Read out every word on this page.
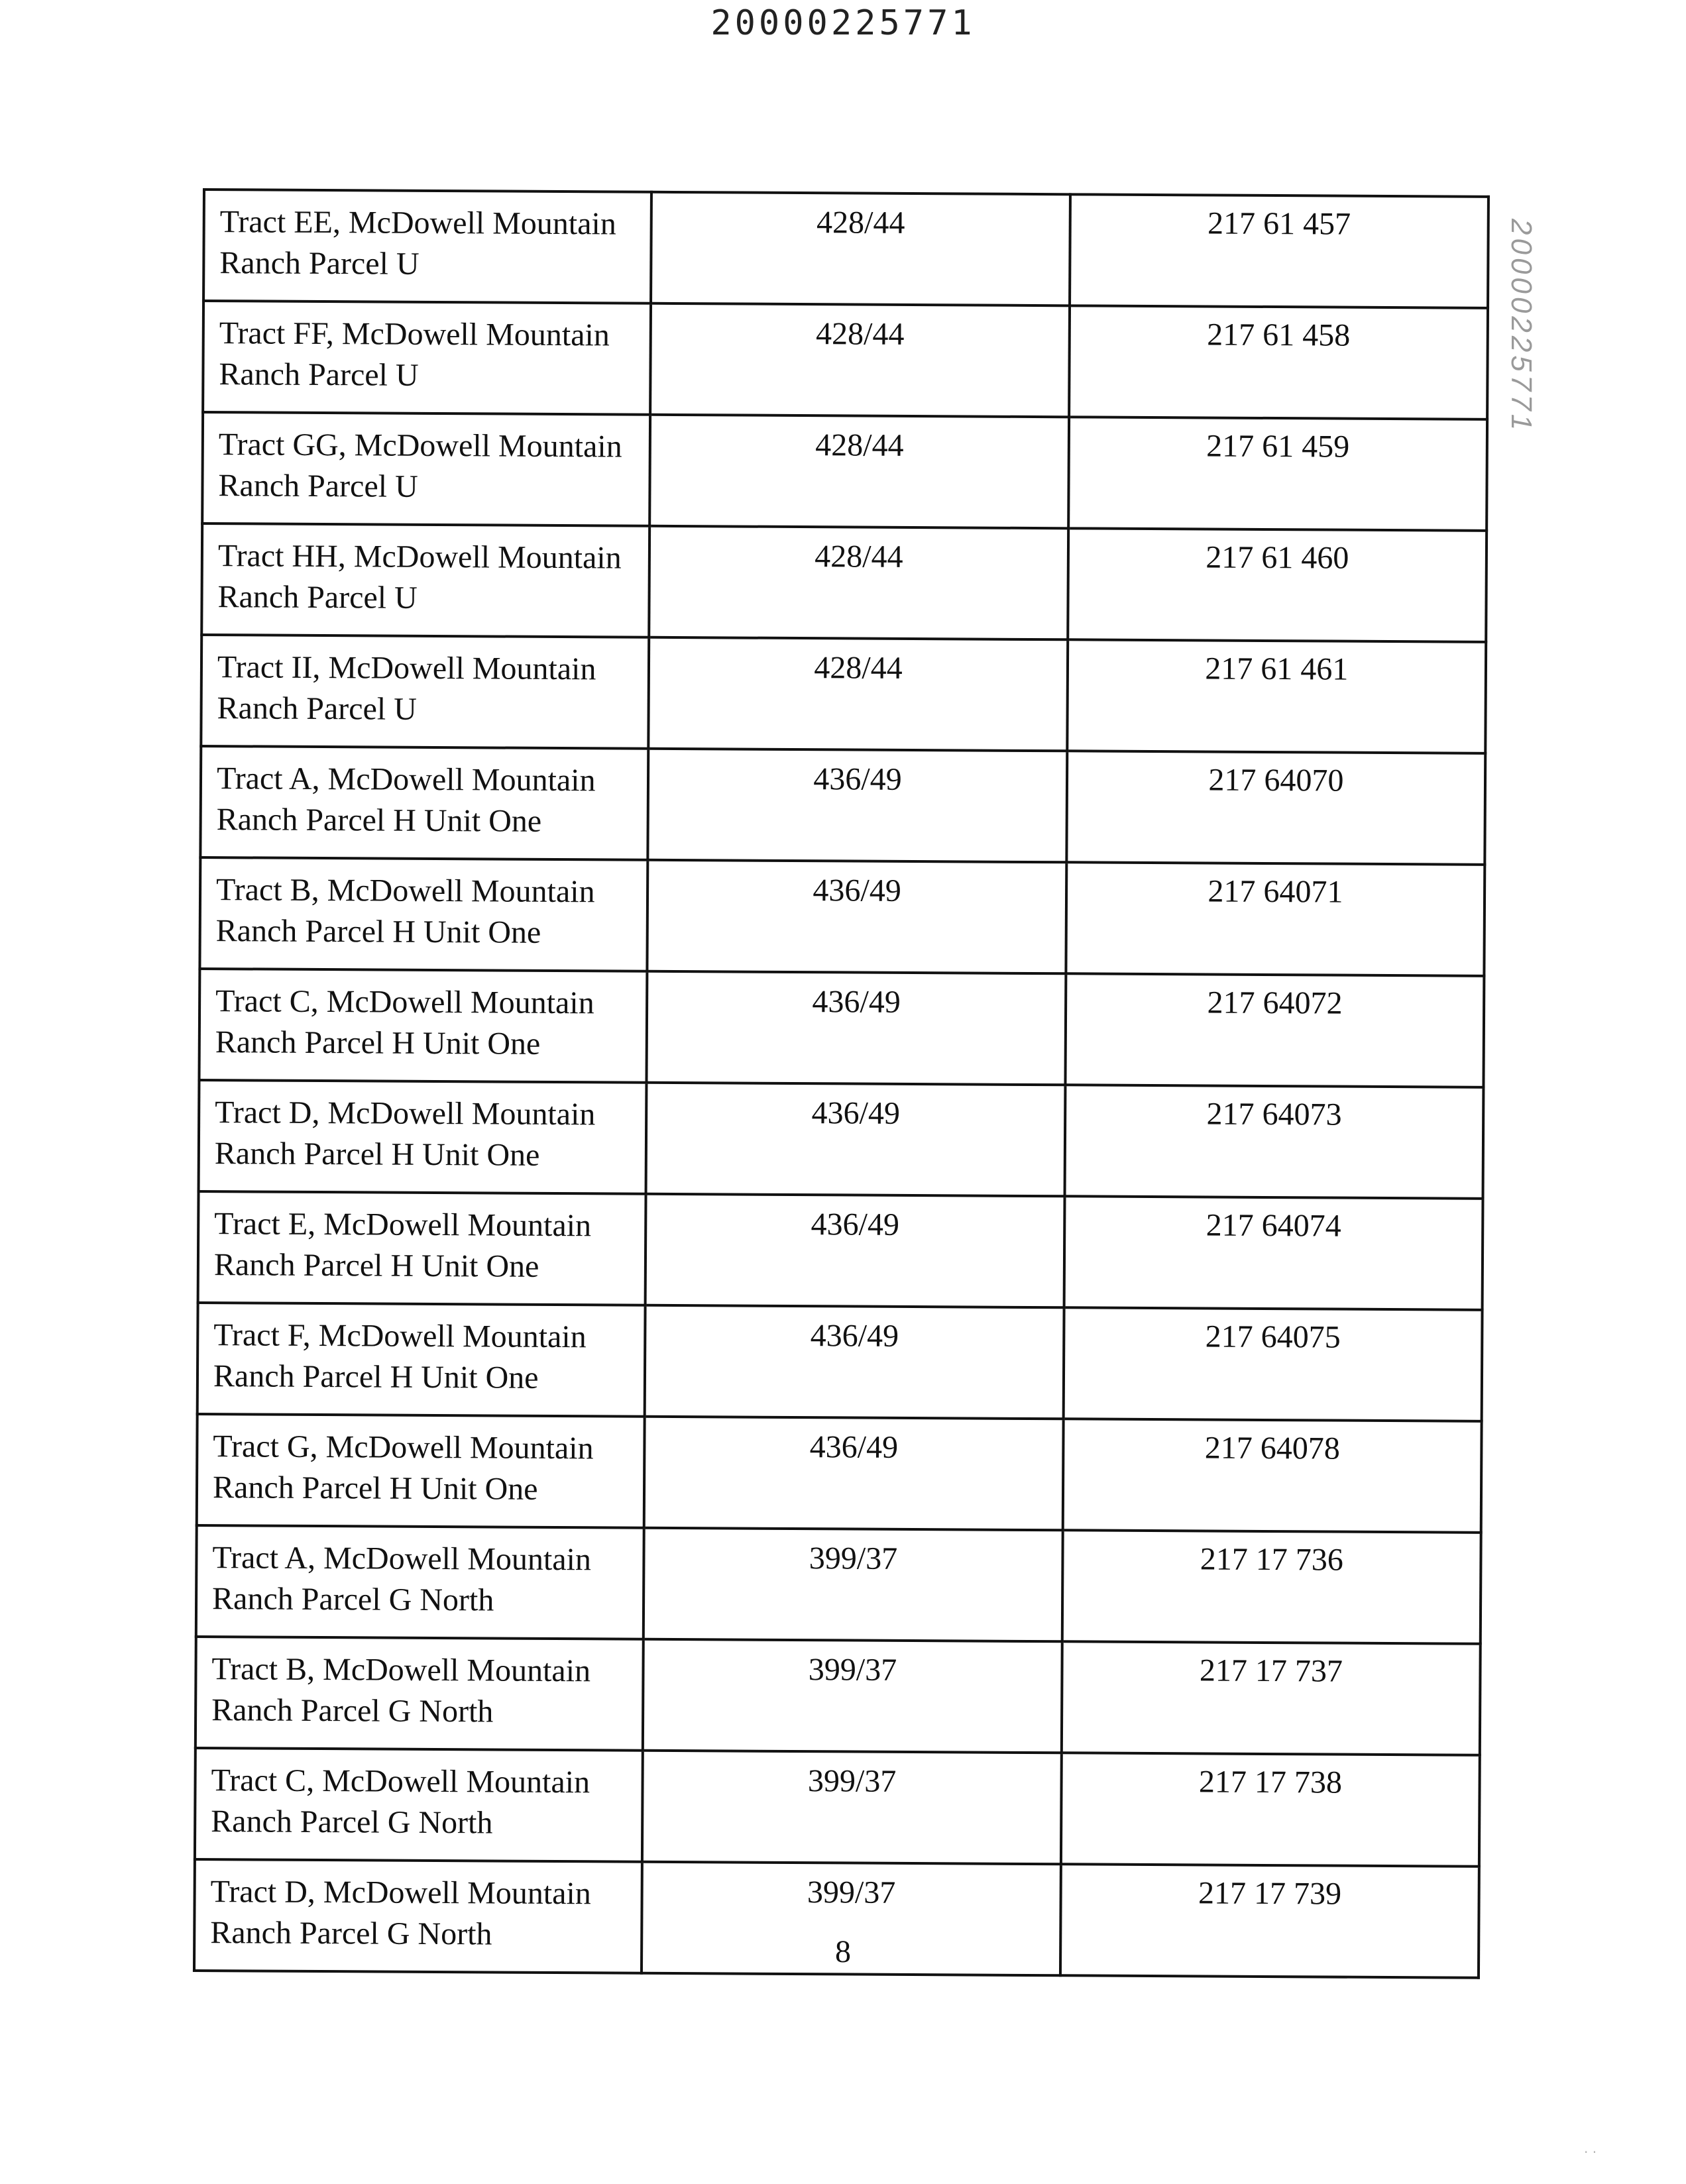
20000225771
20000225771
Tract EE, McDowell Mountain Ranch Parcel U	428/44	217 61 457
Tract FF, McDowell Mountain Ranch Parcel U	428/44	217 61 458
Tract GG, McDowell Mountain Ranch Parcel U	428/44	217 61 459
Tract HH, McDowell Mountain Ranch Parcel U	428/44	217 61 460
Tract II, McDowell Mountain Ranch Parcel U	428/44	217 61 461
Tract A, McDowell Mountain Ranch Parcel H Unit One	436/49	217 64070
Tract B, McDowell Mountain Ranch Parcel H Unit One	436/49	217 64071
Tract C, McDowell Mountain Ranch Parcel H Unit One	436/49	217 64072
Tract D, McDowell Mountain Ranch Parcel H Unit One	436/49	217 64073
Tract E, McDowell Mountain Ranch Parcel H Unit One	436/49	217 64074
Tract F, McDowell Mountain Ranch Parcel H Unit One	436/49	217 64075
Tract G, McDowell Mountain Ranch Parcel H Unit One	436/49	217 64078
Tract A, McDowell Mountain Ranch Parcel G North	399/37	217 17 736
Tract B, McDowell Mountain Ranch Parcel G North	399/37	217 17 737
Tract C, McDowell Mountain Ranch Parcel G North	399/37	217 17 738
Tract D, McDowell Mountain Ranch Parcel G North	399/37	217 17 739
8
· ·
